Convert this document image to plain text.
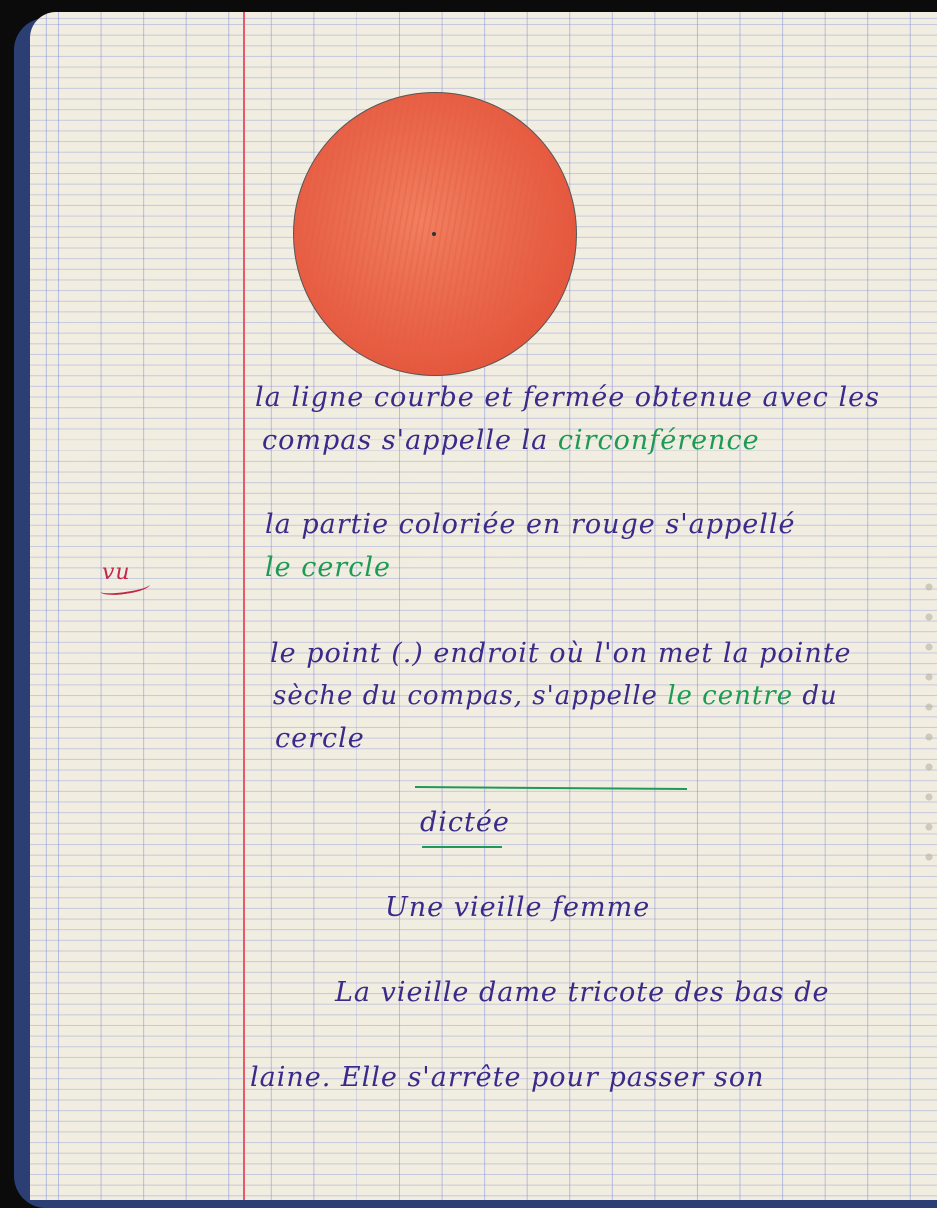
la ligne courbe et fermée obtenue avec les
compas s'appelle la circonférence
la partie coloriée en rouge s'appellé
le cercle
vu
le point (.) endroit où l'on met la pointe
sèche du compas, s'appelle le centre du
cercle
dictée
Une vieille femme
La vieille dame tricote des bas de
laine. Elle s'arrête pour passer son
